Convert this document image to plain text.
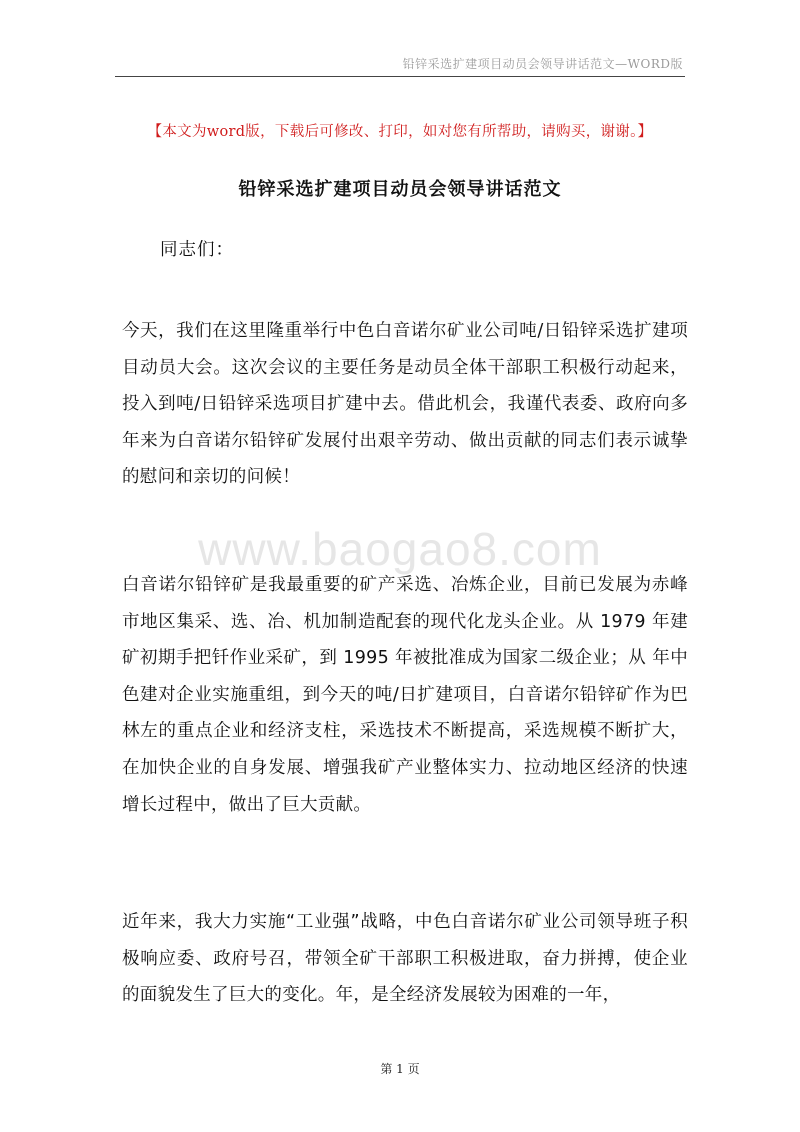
铅锌采选扩建项目动员会领导讲话范文—WORD版
【本文为word版，下载后可修改、打印，如对您有所帮助，请购买，谢谢。】
铅锌采选扩建项目动员会领导讲话范文
同志们：
今天，我们在这里隆重举行中色白音诺尔矿业公司吨/日铅锌采选扩建项目动员大会。这次会议的主要任务是动员全体干部职工积极行动起来，投入到吨/日铅锌采选项目扩建中去。借此机会，我谨代表委、政府向多年来为白音诺尔铅锌矿发展付出艰辛劳动、做出贡献的同志们表示诚挚的慰问和亲切的问候！
www.baogao8.com
白音诺尔铅锌矿是我最重要的矿产采选、冶炼企业，目前已发展为赤峰市地区集采、选、冶、机加制造配套的现代化龙头企业。从 1979 年建矿初期手把钎作业采矿，到 1995 年被批准成为国家二级企业；从 年中色建对企业实施重组，到今天的吨/日扩建项目，白音诺尔铅锌矿作为巴林左的重点企业和经济支柱，采选技术不断提高，采选规模不断扩大，在加快企业的自身发展、增强我矿产业整体实力、拉动地区经济的快速增长过程中，做出了巨大贡献。
近年来，我大力实施“工业强”战略，中色白音诺尔矿业公司领导班子积极响应委、政府号召，带领全矿干部职工积极进取，奋力拼搏，使企业的面貌发生了巨大的变化。年，是全经济发展较为困难的一年，
第 1 页
